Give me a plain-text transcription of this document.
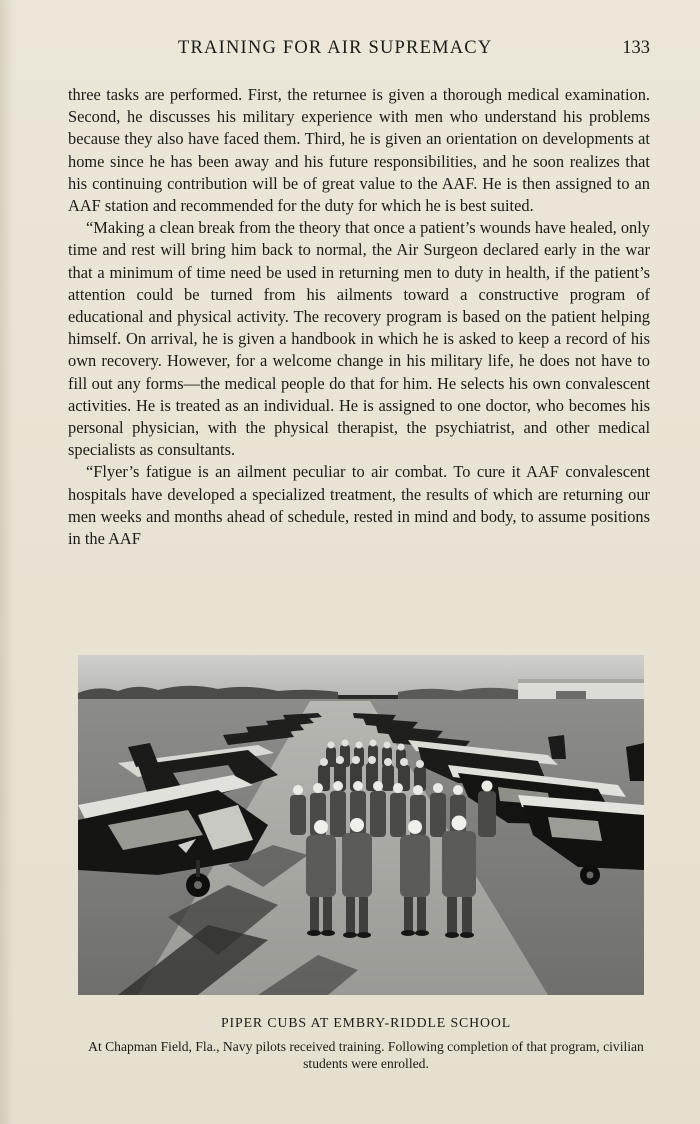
TRAINING FOR AIR SUPREMACY	133

three tasks are performed. First, the returnee is given a thorough medical examination. Second, he discusses his military experience with men who understand his problems because they also have faced them. Third, he is given an orientation on developments at home since he has been away and his future responsibilities, and he soon realizes that his continuing contribution will be of great value to the AAF. He is then assigned to an AAF station and recommended for the duty for which he is best suited.

“Making a clean break from the theory that once a patient’s wounds have healed, only time and rest will bring him back to normal, the Air Surgeon declared early in the war that a minimum of time need be used in returning men to duty in health, if the patient’s attention could be turned from his ailments toward a constructive program of educational and physical activity. The recovery program is based on the patient helping himself. On arrival, he is given a handbook in which he is asked to keep a record of his own recovery. However, for a welcome change in his military life, he does not have to fill out any forms—the medical people do that for him. He selects his own convalescent activities. He is treated as an individual. He is assigned to one doctor, who becomes his personal physician, with the physical therapist, the psychiatrist, and other medical specialists as consultants.

“Flyer’s fatigue is an ailment peculiar to air combat. To cure it AAF convalescent hospitals have developed a specialized treatment, the results of which are returning our men weeks and months ahead of schedule, rested in mind and body, to assume positions in the AAF

PIPER CUBS AT EMBRY-RIDDLE SCHOOL
At Chapman Field, Fla., Navy pilots received training. Following completion of that program, civilian students were enrolled.
